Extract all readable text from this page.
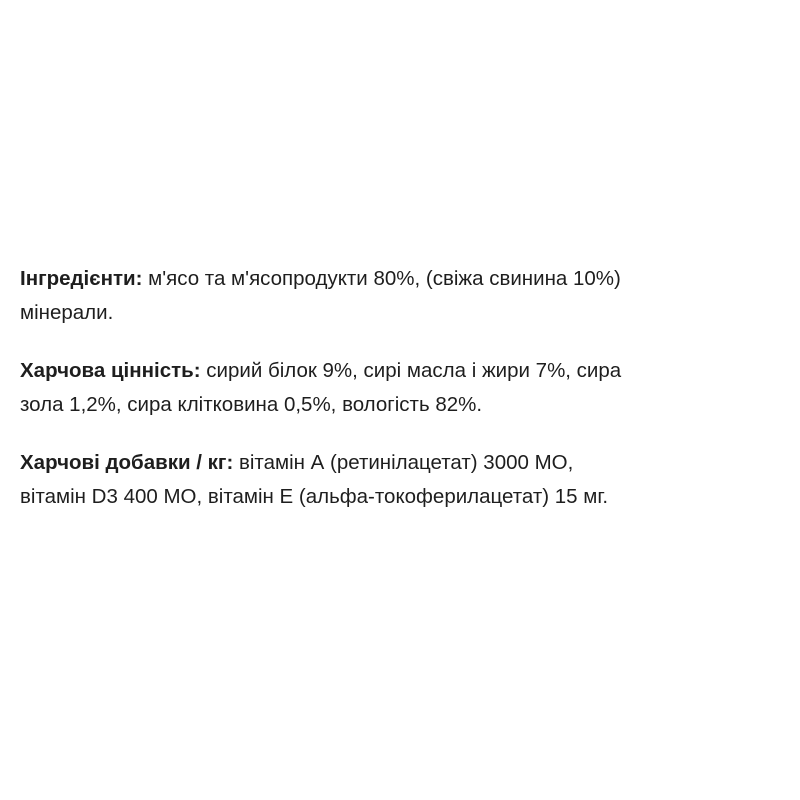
Інгредієнти: м'ясо та м'ясопродукти 80%, (свіжа свинина 10%)
мінерали.

Харчова цінність: сирий білок 9%, сирі масла і жири 7%, сира
зола 1,2%, сира клітковина 0,5%, вологість 82%.

Харчові добавки / кг: вітамін А (ретинілацетат) 3000 МО,
вітамін D3 400 МО, вітамін Е (альфа-токоферилацетат) 15 мг.
